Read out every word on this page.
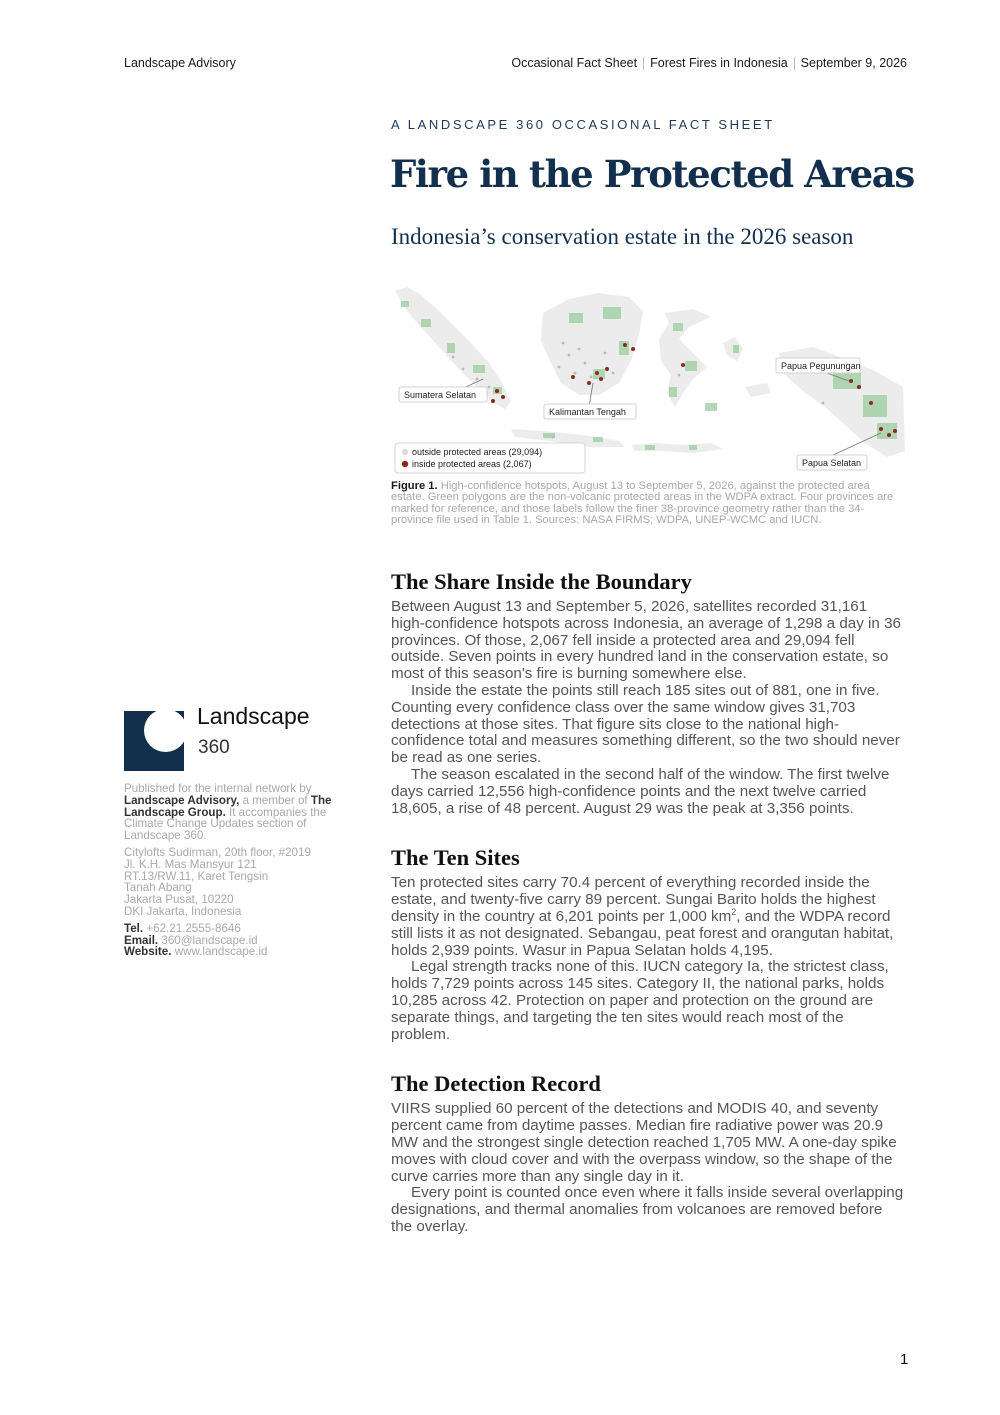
Landscape Advisory	Occasional Fact Sheet Forest Fires in Indonesia September 9, 2026
A LANDSCAPE 360 OCCASIONAL FACT SHEET
Fire in the Protected Areas
Indonesia’s conservation estate in the 2026 season
Sumatera Selatan
Kalimantan Tengah
Papua Pegunungan
Papua Selatan
outside protected areas (29,094)
inside protected areas (2,067)
Figure 1. High-confidence hotspots, August 13 to September 5, 2026, against the protected area estate. Green polygons are the non-volcanic protected areas in the WDPA extract. Four provinces are marked for reference, and those labels follow the finer 38-province geometry rather than the 34-province file used in Table 1. Sources: NASA FIRMS; WDPA, UNEP-WCMC and IUCN.
The Share Inside the Boundary

Between August 13 and September 5, 2026, satellites recorded 31,161 high-confidence hotspots across Indonesia, an average of 1,298 a day in 36 provinces. Of those, 2,067 fell inside a protected area and 29,094 fell outside. Seven points in every hundred land in the conservation estate, so most of this season's fire is burning somewhere else.

Inside the estate the points still reach 185 sites out of 881, one in five. Counting every confidence class over the same window gives 31,703 detections at those sites. That figure sits close to the national high-confidence total and measures something different, so the two should never be read as one series.

The season escalated in the second half of the window. The first twelve days carried 12,556 high-confidence points and the next twelve carried 18,605, a rise of 48 percent. August 29 was the peak at 3,356 points.

The Ten Sites

Ten protected sites carry 70.4 percent of everything recorded inside the estate, and twenty-five carry 89 percent. Sungai Barito holds the highest density in the country at 6,201 points per 1,000 $km^2$, and the WDPA record still lists it as not designated. Sebangau, peat forest and orangutan habitat, holds 2,939 points. Wasur in Papua Selatan holds 4,195.

Legal strength tracks none of this. IUCN category Ia, the strictest class, holds 7,729 points across 145 sites. Category II, the national parks, holds 10,285 across 42. Protection on paper and protection on the ground are separate things, and targeting the ten sites would reach most of the problem.

The Detection Record

VIIRS supplied 60 percent of the detections and MODIS 40, and seventy percent came from daytime passes. Median fire radiative power was 20.9 MW and the strongest single detection reached 1,705 MW. A one-day spike moves with cloud cover and with the overpass window, so the shape of the curve carries more than any single day in it.

Every point is counted once even where it falls inside several overlapping designations, and thermal anomalies from volcanoes are removed before the overlay.

Landscape
360
Published for the internal network by Landscape Advisory, a member of The Landscape Group. It accompanies the Climate Change Updates section of Landscape 360.
Citylofts Sudirman, 20th floor, #2019
Jl. K.H. Mas Mansyur 121
RT.13/RW.11, Karet Tengsin
Tanah Abang
Jakarta Pusat, 10220
DKI Jakarta, Indonesia
Tel. +62.21.2555-8646
Email. 360@landscape.id
Website. www.landscape.id
1
